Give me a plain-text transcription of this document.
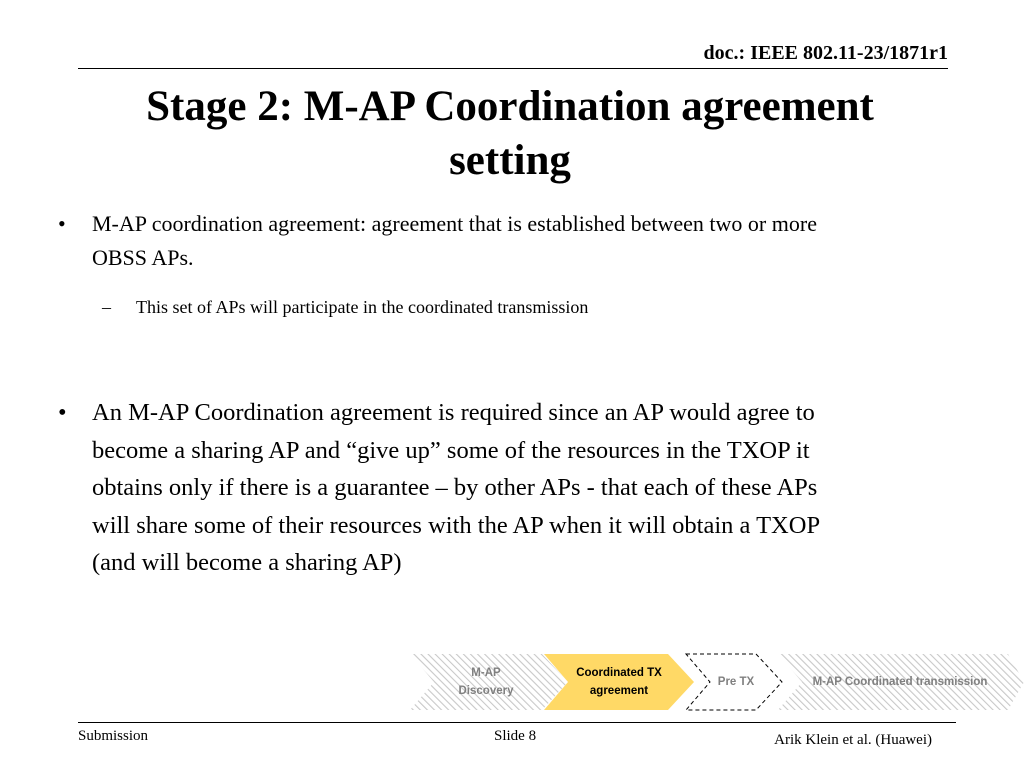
doc.: IEEE 802.11-23/1871r1
Stage 2: M-AP Coordination agreement
setting
• M-AP coordination agreement: agreement that is established between two or more
OBSS APs.
– This set of APs will participate in the coordinated transmission
• An M-AP Coordination agreement is required since an AP would agree to
become a sharing AP and “give up” some of the resources in the TXOP it
obtains only if there is a guarantee – by other APs - that each of these APs
will share some of their resources with the AP when it will obtain a TXOP
(and will become a sharing AP)
M-AP
Discovery
Coordinated TX
agreement
Pre TX	M-AP Coordinated transmission
Submission	Slide 8	Arik Klein et al. (Huawei)
